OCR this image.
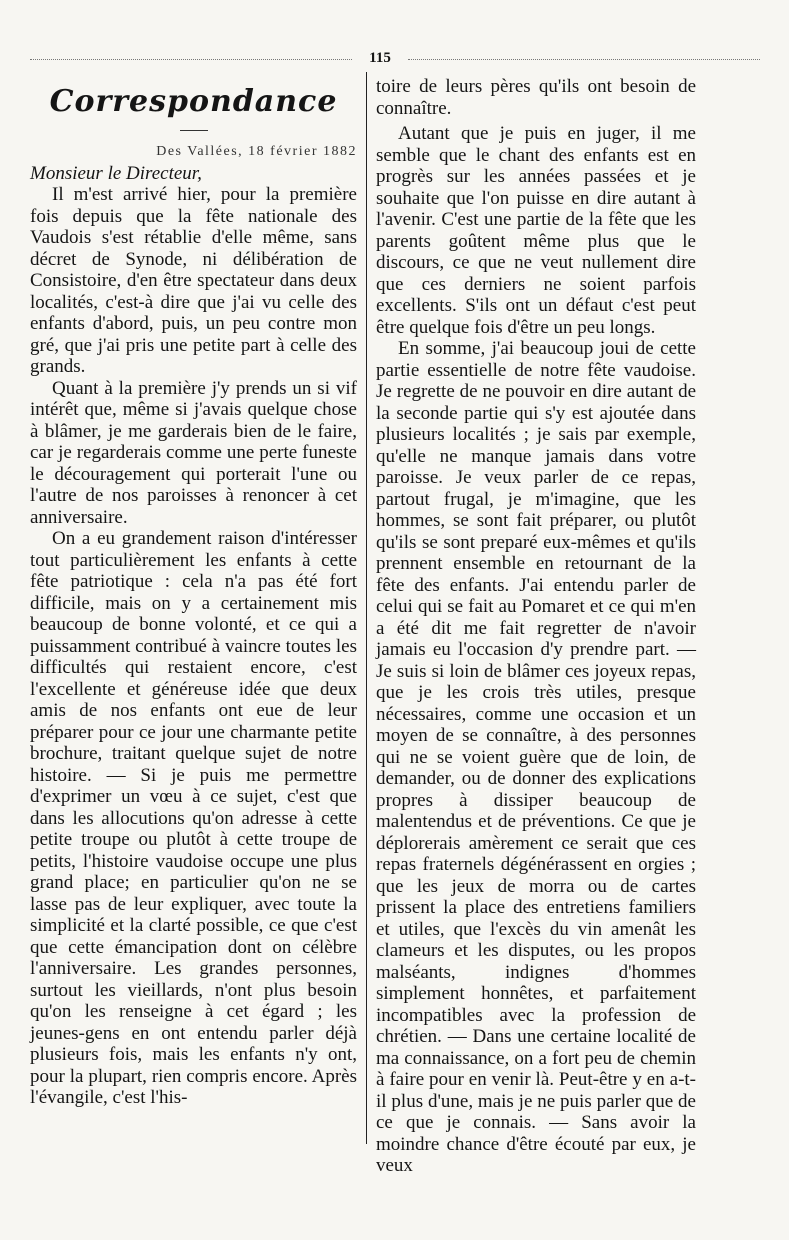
115
Correspondance

Des Vallées, 18 février 1882

Monsieur le Directeur,

Il m'est arrivé hier, pour la première fois depuis que la fête nationale des Vaudois s'est rétablie d'elle même, sans décret de Synode, ni délibération de Consistoire, d'en être spectateur dans deux localités, c'est-à dire que j'ai vu celle des enfants d'abord, puis, un peu contre mon gré, que j'ai pris une petite part à celle des grands.

Quant à la première j'y prends un si vif intérêt que, même si j'avais quelque chose à blâmer, je me garderais bien de le faire, car je regarderais comme une perte funeste le découragement qui porterait l'une ou l'autre de nos paroisses à renoncer à cet anniversaire.

On a eu grandement raison d'intéresser tout particulièrement les enfants à cette fête patriotique : cela n'a pas été fort difficile, mais on y a certainement mis beaucoup de bonne volonté, et ce qui a puissamment contribué à vaincre toutes les difficultés qui restaient encore, c'est l'excellente et généreuse idée que deux amis de nos enfants ont eue de leur préparer pour ce jour une charmante petite brochure, traitant quelque sujet de notre histoire. — Si je puis me permettre d'exprimer un vœu à ce sujet, c'est que dans les allocutions qu'on adresse à cette petite troupe ou plutôt à cette troupe de petits, l'histoire vaudoise occupe une plus grand place; en particulier qu'on ne se lasse pas de leur expliquer, avec toute la simplicité et la clarté possible, ce que c'est que cette émancipation dont on célèbre l'anniversaire. Les grandes personnes, surtout les vieillards, n'ont plus besoin qu'on les renseigne à cet égard ; les jeunes-gens en ont entendu parler déjà plusieurs fois, mais les enfants n'y ont, pour la plupart, rien compris encore. Après l'évangile, c'est l'his-

toire de leurs pères qu'ils ont besoin de connaître.

Autant que je puis en juger, il me semble que le chant des enfants est en progrès sur les années passées et je souhaite que l'on puisse en dire autant à l'avenir. C'est une partie de la fête que les parents goûtent même plus que le discours, ce que ne veut nullement dire que ces derniers ne soient parfois excellents. S'ils ont un défaut c'est peut être quelque fois d'être un peu longs.

En somme, j'ai beaucoup joui de cette partie essentielle de notre fête vaudoise. Je regrette de ne pouvoir en dire autant de la seconde partie qui s'y est ajoutée dans plusieurs localités ; je sais par exemple, qu'elle ne manque jamais dans votre paroisse. Je veux parler de ce repas, partout frugal, je m'imagine, que les hommes, se sont fait préparer, ou plutôt qu'ils se sont preparé eux-mêmes et qu'ils prennent ensemble en retournant de la fête des enfants. J'ai entendu parler de celui qui se fait au Pomaret et ce qui m'en a été dit me fait regretter de n'avoir jamais eu l'occasion d'y prendre part. — Je suis si loin de blâmer ces joyeux repas, que je les crois très utiles, presque nécessaires, comme une occasion et un moyen de se connaître, à des personnes qui ne se voient guère que de loin, de demander, ou de donner des explications propres à dissiper beaucoup de malentendus et de préventions. Ce que je déplorerais amèrement ce serait que ces repas fraternels dégénérassent en orgies ; que les jeux de morra ou de cartes prissent la place des entretiens familiers et utiles, que l'excès du vin amenât les clameurs et les disputes, ou les propos malséants, indignes d'hommes simplement honnêtes, et parfaitement incompatibles avec la profession de chrétien. — Dans une certaine localité de ma connaissance, on a fort peu de chemin à faire pour en venir là. Peut-être y en a-t-il plus d'une, mais je ne puis parler que de ce que je connais. — Sans avoir la moindre chance d'être écouté par eux, je veux
